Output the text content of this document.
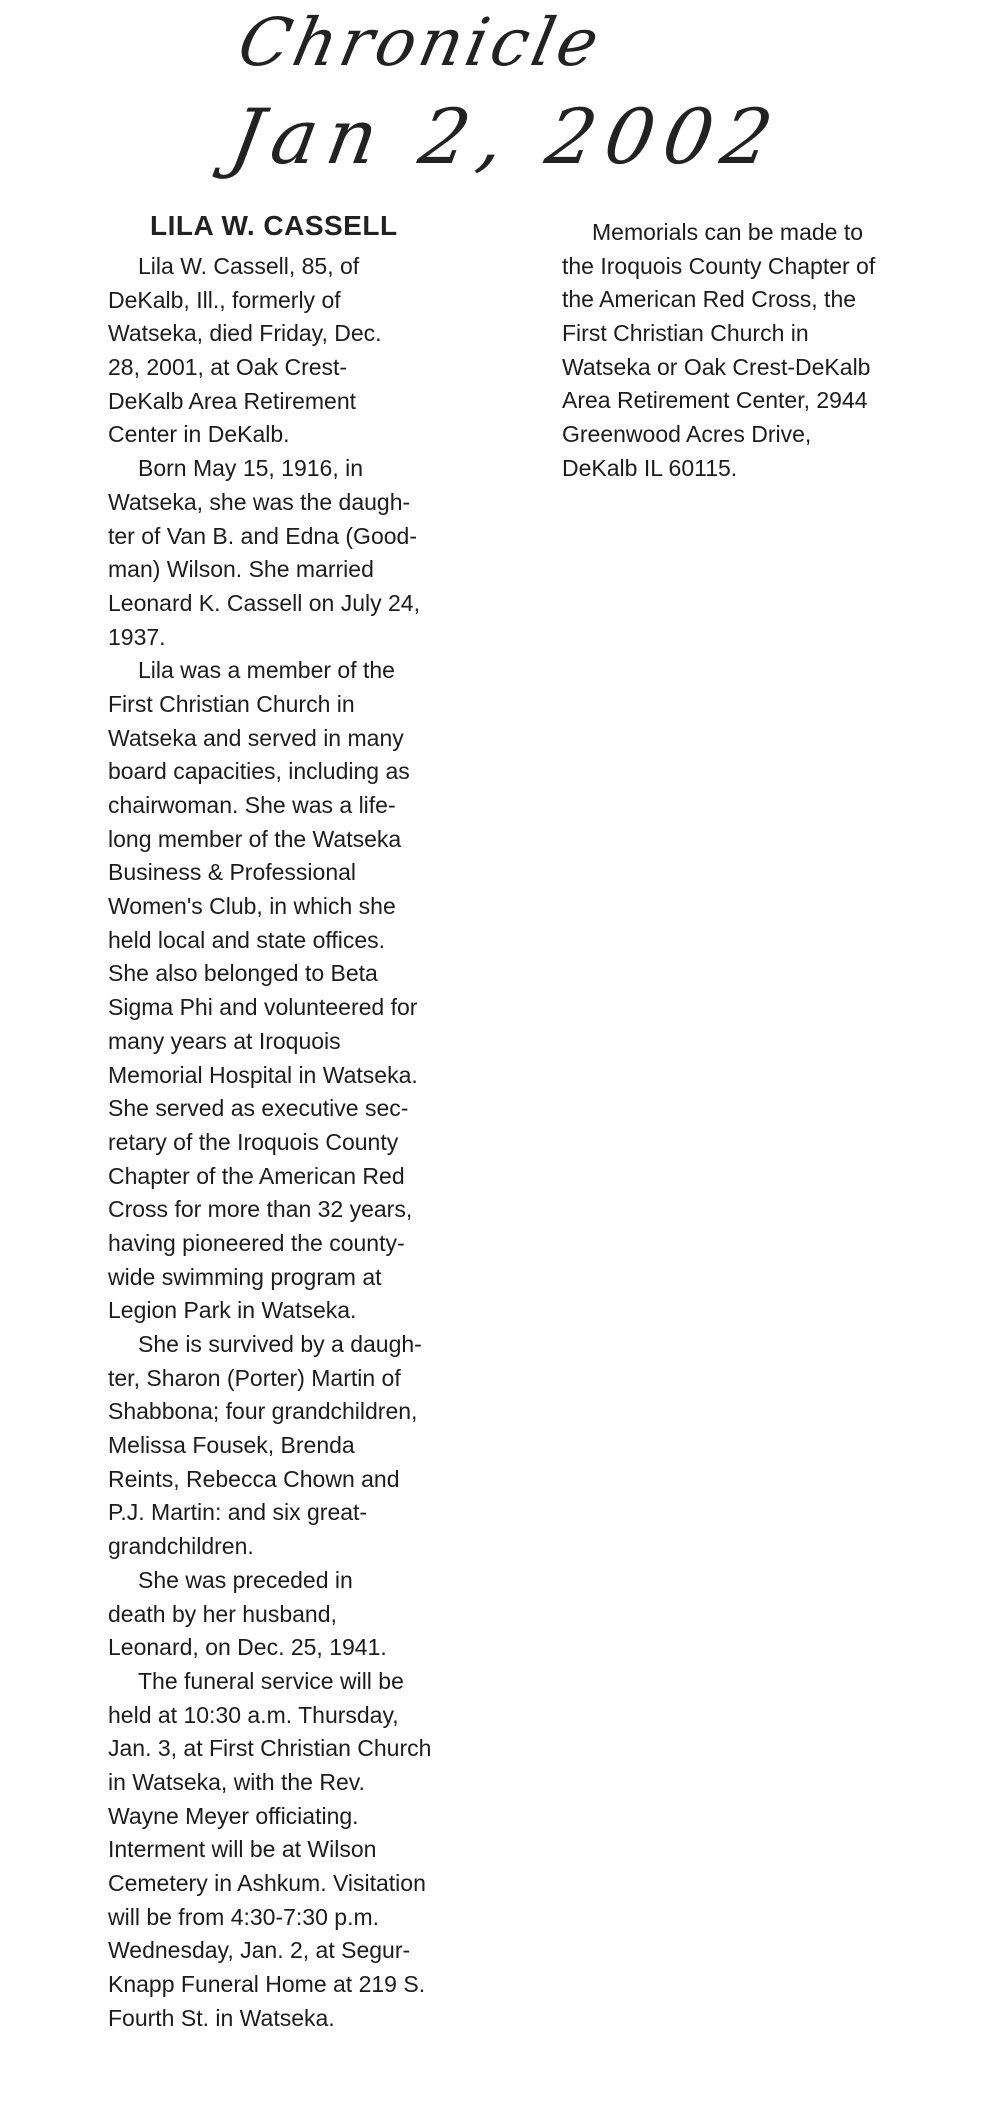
Chronicle
Jan 2, 2002
LILA W. CASSELL
Lila W. Cassell, 85, of
DeKalb, Ill., formerly of
Watseka, died Friday, Dec.
28, 2001, at Oak Crest-
DeKalb Area Retirement
Center in DeKalb.
Born May 15, 1916, in
Watseka, she was the daugh-
ter of Van B. and Edna (Good-
man) Wilson. She married
Leonard K. Cassell on July 24,
1937.
Lila was a member of the
First Christian Church in
Watseka and served in many
board capacities, including as
chairwoman. She was a life-
long member of the Watseka
Business & Professional
Women's Club, in which she
held local and state offices.
She also belonged to Beta
Sigma Phi and volunteered for
many years at Iroquois
Memorial Hospital in Watseka.
She served as executive sec-
retary of the Iroquois County
Chapter of the American Red
Cross for more than 32 years,
having pioneered the county-
wide swimming program at
Legion Park in Watseka.
She is survived by a daugh-
ter, Sharon (Porter) Martin of
Shabbona; four grandchildren,
Melissa Fousek, Brenda
Reints, Rebecca Chown and
P.J. Martin: and six great-
grandchildren.
She was preceded in
death by her husband,
Leonard, on Dec. 25, 1941.
The funeral service will be
held at 10:30 a.m. Thursday,
Jan. 3, at First Christian Church
in Watseka, with the Rev.
Wayne Meyer officiating.
Interment will be at Wilson
Cemetery in Ashkum. Visitation
will be from 4:30-7:30 p.m.
Wednesday, Jan. 2, at Segur-
Knapp Funeral Home at 219 S.
Fourth St. in Watseka.
Memorials can be made to
the Iroquois County Chapter of
the American Red Cross, the
First Christian Church in
Watseka or Oak Crest-DeKalb
Area Retirement Center, 2944
Greenwood Acres Drive,
DeKalb IL 60115.
